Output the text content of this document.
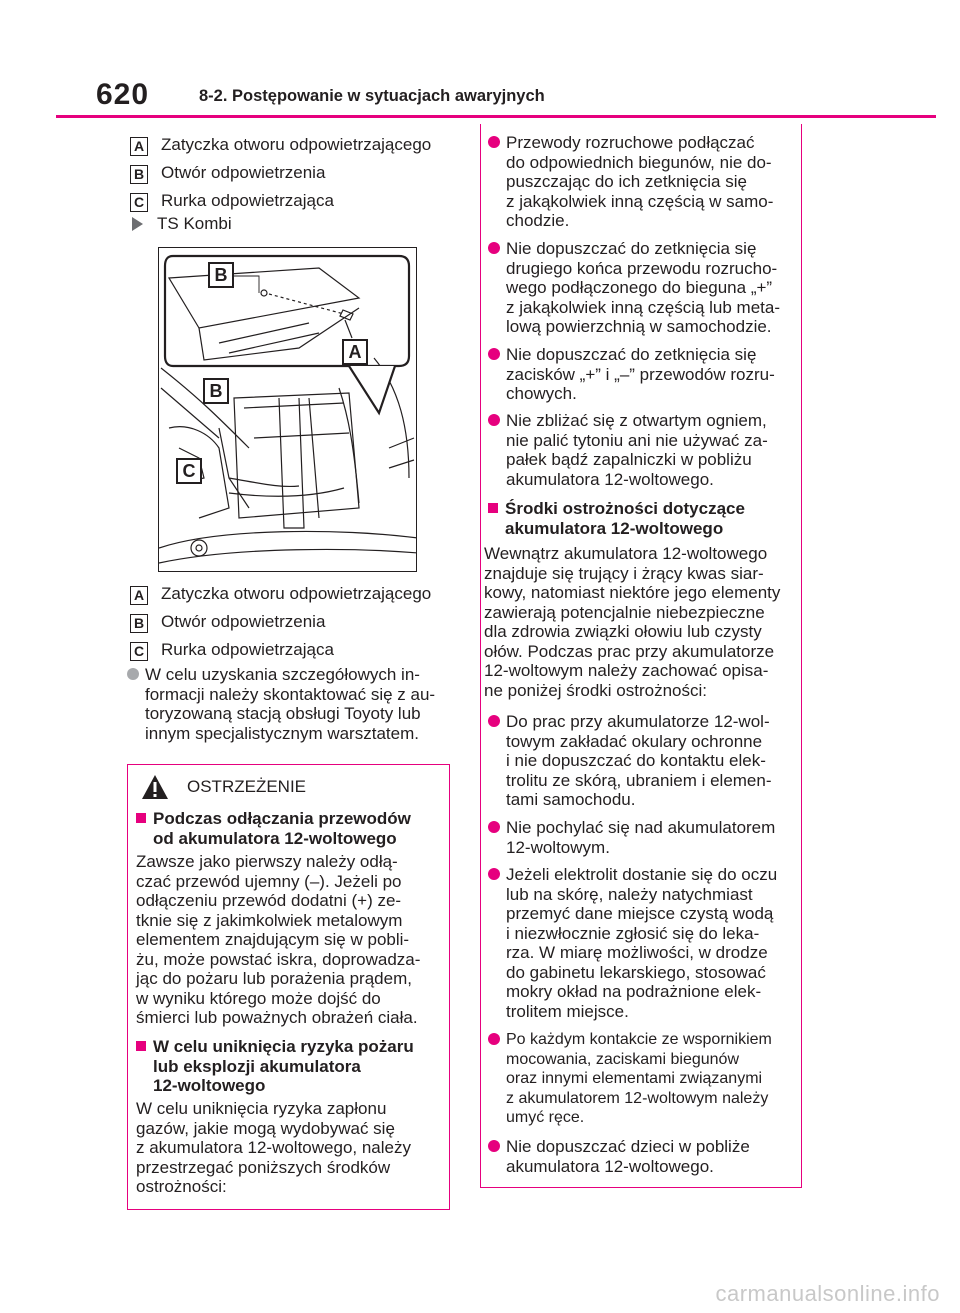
620	8-2. Postępowanie w sytuacjach awaryjnych
A Zatyczka otworu odpowietrzającego
B Otwór odpowietrzenia
C Rurka odpowietrzająca
TS Kombi
B
A
B
C
A Zatyczka otworu odpowietrzającego
B Otwór odpowietrzenia
C Rurka odpowietrzająca
W celu uzyskania szczegółowych in-
formacji należy skontaktować się z au-
toryzowaną stacją obsługi Toyoty lub
innym specjalistycznym warsztatem.
OSTRZEŻENIE
Podczas odłączania przewodów
od akumulatora 12-woltowego
Zawsze jako pierwszy należy odłą-
czać przewód ujemny (–). Jeżeli po
odłączeniu przewód dodatni (+) ze-
tknie się z jakimkolwiek metalowym
elementem znajdującym się w pobli-
żu, może powstać iskra, doprowadza-
jąc do pożaru lub porażenia prądem,
w wyniku którego może dojść do
śmierci lub poważnych obrażeń ciała.
W celu uniknięcia ryzyka pożaru
lub eksplozji akumulatora
12-woltowego
W celu uniknięcia ryzyka zapłonu
gazów, jakie mogą wydobywać się
z akumulatora 12-woltowego, należy
przestrzegać poniższych środków
ostrożności:
Przewody rozruchowe podłączać
do odpowiednich biegunów, nie do-
puszczając do ich zetknięcia się
z jakąkolwiek inną częścią w samo-
chodzie.
Nie dopuszczać do zetknięcia się
drugiego końca przewodu rozrucho-
wego podłączonego do bieguna „+”
z jakąkolwiek inną częścią lub meta-
lową powierzchnią w samochodzie.
Nie dopuszczać do zetknięcia się
zacisków „+” i „–” przewodów rozru-
chowych.
Nie zbliżać się z otwartym ogniem,
nie palić tytoniu ani nie używać za-
pałek bądź zapalniczki w pobliżu
akumulatora 12-woltowego.
Środki ostrożności dotyczące
akumulatora 12-woltowego
Wewnątrz akumulatora 12-woltowego
znajduje się trujący i żrący kwas siar-
kowy, natomiast niektóre jego elementy
zawierają potencjalnie niebezpieczne
dla zdrowia związki ołowiu lub czysty
ołów. Podczas prac przy akumulatorze
12-woltowym należy zachować opisa-
ne poniżej środki ostrożności:
Do prac przy akumulatorze 12-wol-
towym zakładać okulary ochronne
i nie dopuszczać do kontaktu elek-
trolitu ze skórą, ubraniem i elemen-
tami samochodu.
Nie pochylać się nad akumulatorem
12-woltowym.
Jeżeli elektrolit dostanie się do oczu
lub na skórę, należy natychmiast
przemyć dane miejsce czystą wodą
i niezwłocznie zgłosić się do leka-
rza. W miarę możliwości, w drodze
do gabinetu lekarskiego, stosować
mokry okład na podrażnione elek-
trolitem miejsce.
Po każdym kontakcie ze wspornikiem
mocowania, zaciskami biegunów
oraz innymi elementami związanymi
z akumulatorem 12-woltowym należy
umyć ręce.
Nie dopuszczać dzieci w pobliże
akumulatora 12-woltowego.
carmanualsonline.info
